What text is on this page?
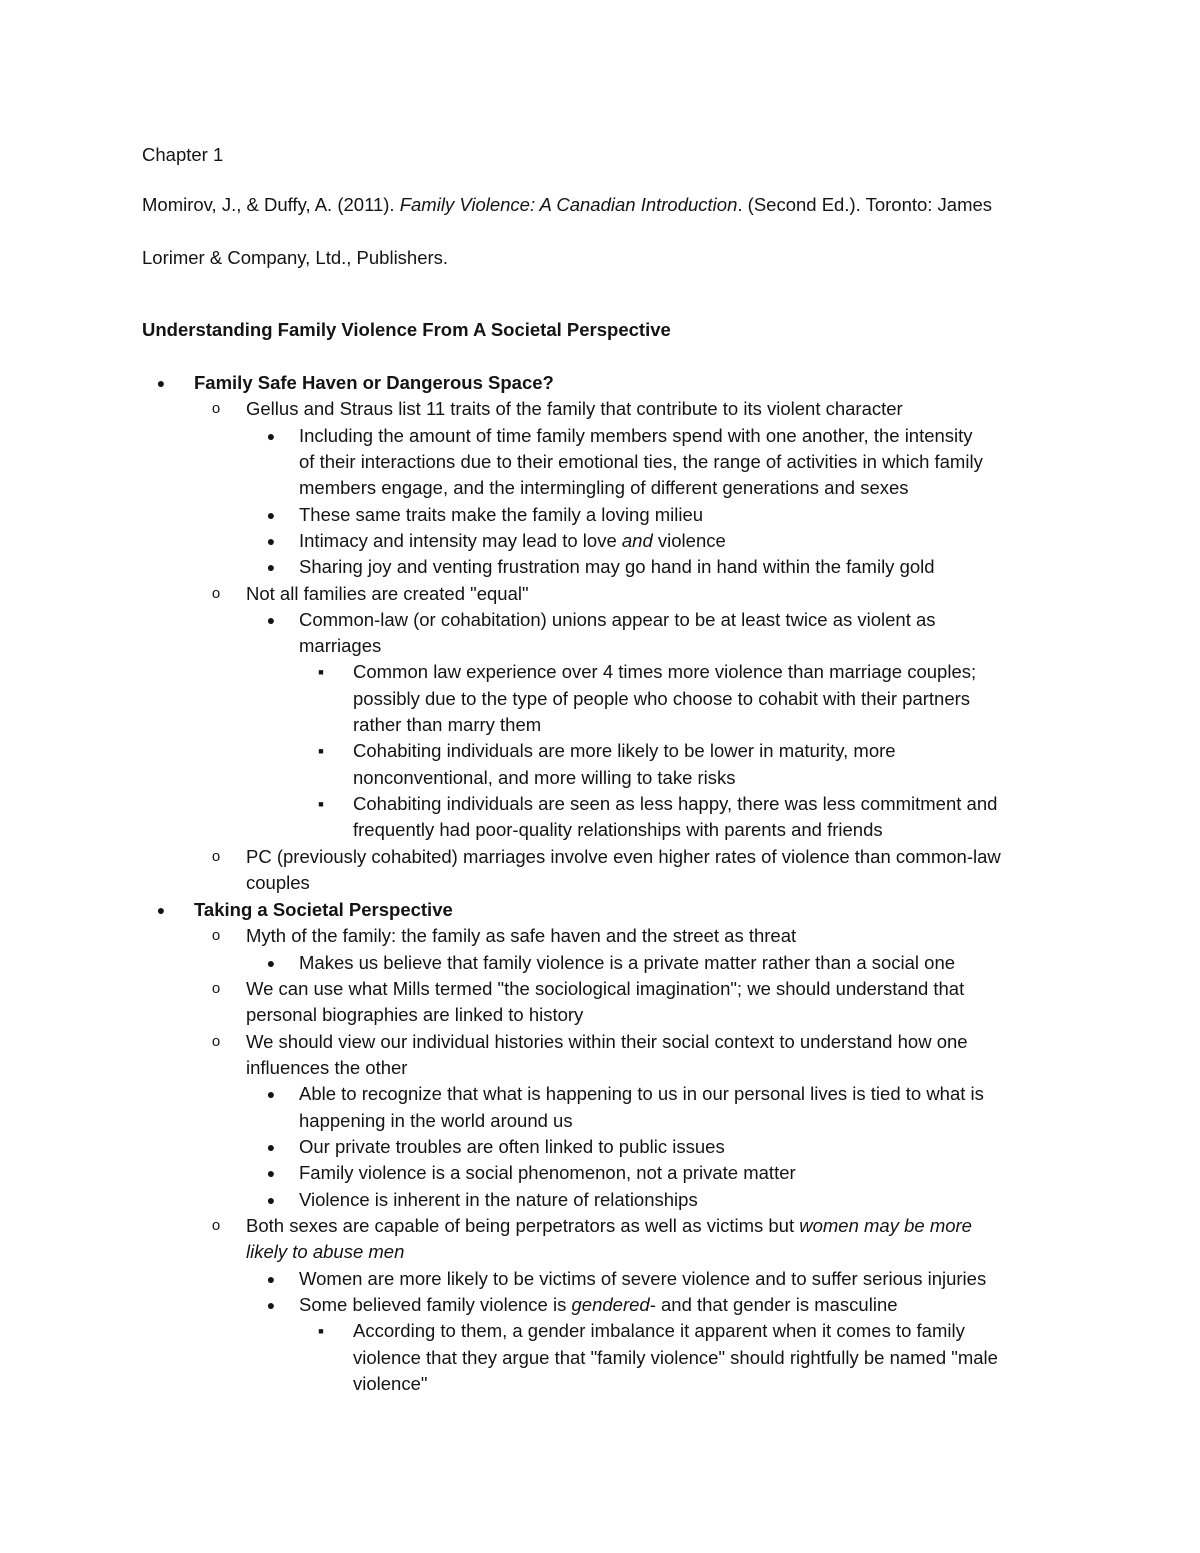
Chapter 1
Momirov, J., & Duffy, A. (2011). Family Violence: A Canadian Introduction. (Second Ed.). Toronto: James
Lorimer & Company, Ltd., Publishers.
Understanding Family Violence From A Societal Perspective
●	Family Safe Haven or Dangerous Space?
o	Gellus and Straus list 11 traits of the family that contribute to its violent character
●	Including the amount of time family members spend with one another, the intensity
of their interactions due to their emotional ties, the range of activities in which family
members engage, and the intermingling of different generations and sexes
●	These same traits make the family a loving milieu
●	Intimacy and intensity may lead to love and violence
●	Sharing joy and venting frustration may go hand in hand within the family gold
o	Not all families are created "equal"
●	Common-law (or cohabitation) unions appear to be at least twice as violent as
marriages
■	Common law experience over 4 times more violence than marriage couples;
possibly due to the type of people who choose to cohabit with their partners
rather than marry them
■	Cohabiting individuals are more likely to be lower in maturity, more
nonconventional, and more willing to take risks
■	Cohabiting individuals are seen as less happy, there was less commitment and
frequently had poor-quality relationships with parents and friends
o	PC (previously cohabited) marriages involve even higher rates of violence than common-law
couples
●	Taking a Societal Perspective
o	Myth of the family: the family as safe haven and the street as threat
●	Makes us believe that family violence is a private matter rather than a social one
o	We can use what Mills termed "the sociological imagination"; we should understand that
personal biographies are linked to history
o	We should view our individual histories within their social context to understand how one
influences the other
●	Able to recognize that what is happening to us in our personal lives is tied to what is
happening in the world around us
●	Our private troubles are often linked to public issues
●	Family violence is a social phenomenon, not a private matter
●	Violence is inherent in the nature of relationships
o	Both sexes are capable of being perpetrators as well as victims but women may be more
likely to abuse men
●	Women are more likely to be victims of severe violence and to suffer serious injuries
●	Some believed family violence is gendered- and that gender is masculine
■	According to them, a gender imbalance it apparent when it comes to family
violence that they argue that "family violence" should rightfully be named "male
violence"
